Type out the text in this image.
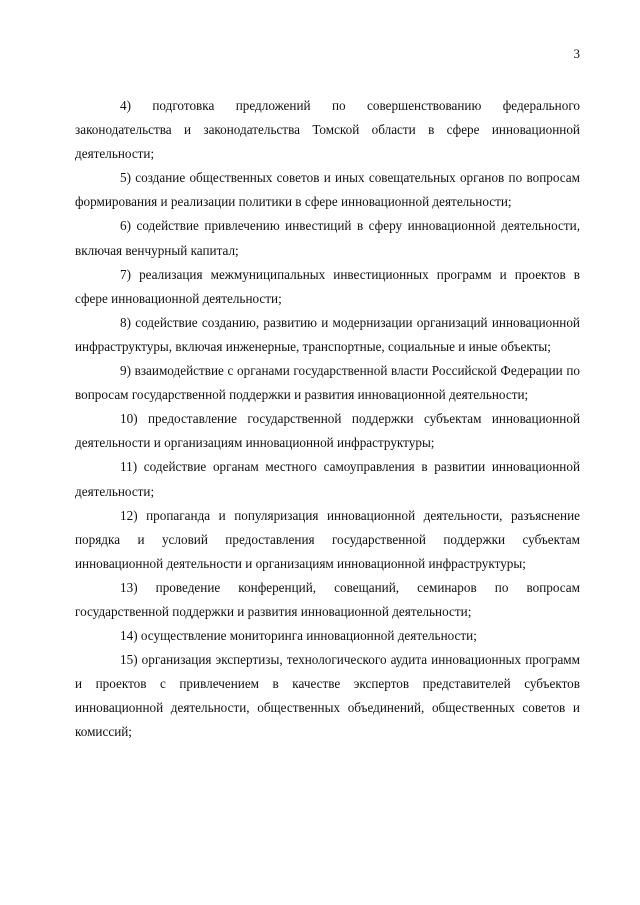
3

4) подготовка предложений по совершенствованию федерального законодательства и законодательства Томской области в сфере инновационной деятельности;

5) создание общественных советов и иных совещательных органов по вопросам формирования и реализации политики в сфере инновационной деятельности;

6) содействие привлечению инвестиций в сферу инновационной деятельности, включая венчурный капитал;

7) реализация межмуниципальных инвестиционных программ и проектов в сфере инновационной деятельности;

8) содействие созданию, развитию и модернизации организаций инновационной инфраструктуры, включая инженерные, транспортные, социальные и иные объекты;

9) взаимодействие с органами государственной власти Российской Федерации по вопросам государственной поддержки и развития инновационной деятельности;

10) предоставление государственной поддержки субъектам инновационной деятельности и организациям инновационной инфраструктуры;

11) содействие органам местного самоуправления в развитии инновационной деятельности;

12) пропаганда и популяризация инновационной деятельности, разъяснение порядка и условий предоставления государственной поддержки субъектам инновационной деятельности и организациям инновационной инфраструктуры;

13) проведение конференций, совещаний, семинаров по вопросам государственной поддержки и развития инновационной деятельности;

14) осуществление мониторинга инновационной деятельности;

15) организация экспертизы, технологического аудита инновационных программ и проектов с привлечением в качестве экспертов представителей субъектов инновационной деятельности, общественных объединений, общественных советов и комиссий;
